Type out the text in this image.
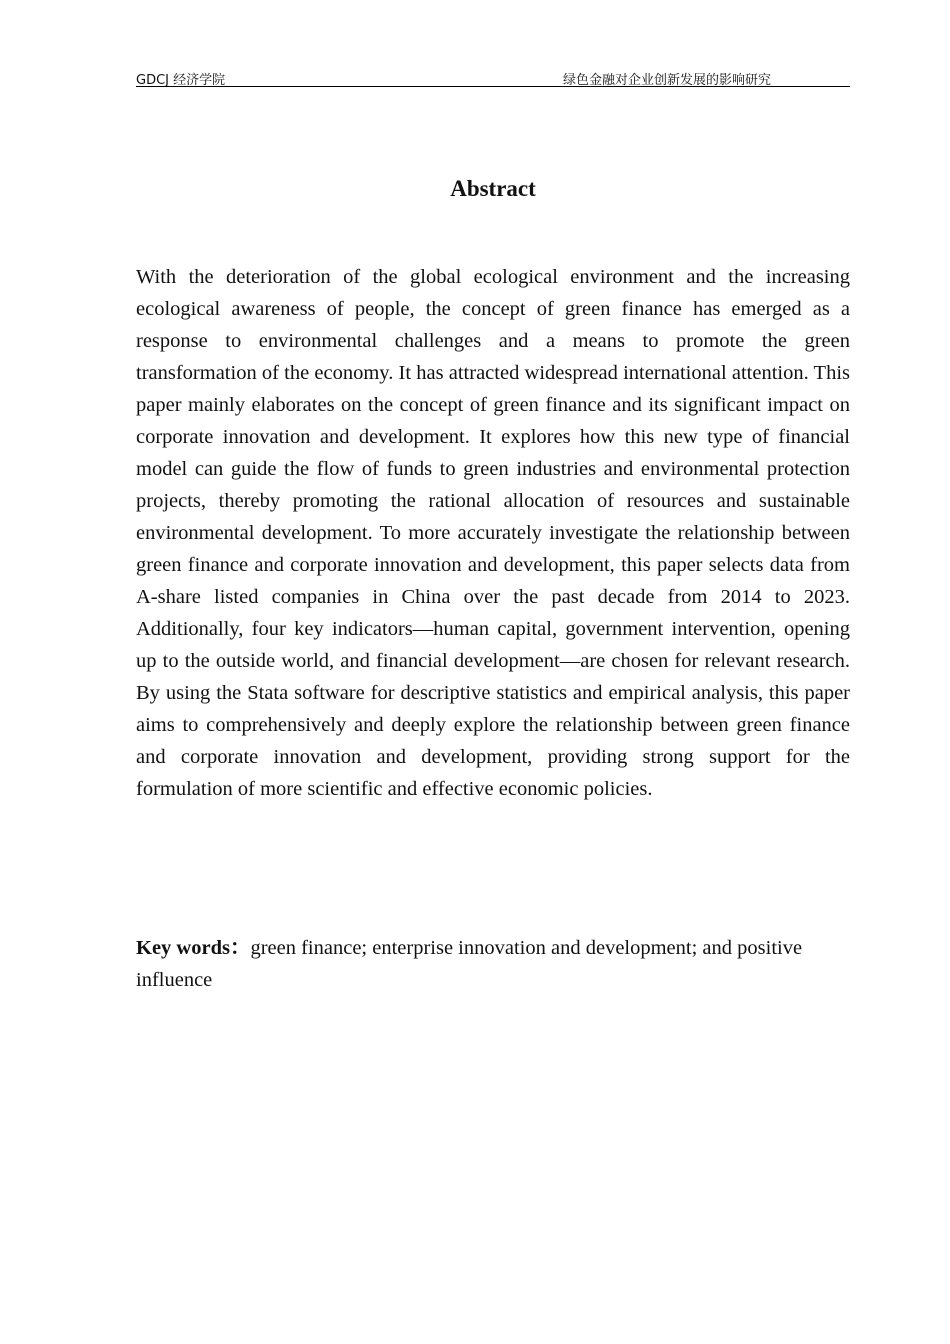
GDCJ 经济学院	绿色金融对企业创新发展的影响研究
Abstract

With the deterioration of the global ecological environment and the increasing ecological awareness of people, the concept of green finance has emerged as a response to environmental challenges and a means to promote the green transformation of the economy. It has attracted widespread international attention. This paper mainly elaborates on the concept of green finance and its significant impact on corporate innovation and development. It explores how this new type of financial model can guide the flow of funds to green industries and environmental protection projects, thereby promoting the rational allocation of resources and sustainable environmental development. To more accurately investigate the relationship between green finance and corporate innovation and development, this paper selects data from A-share listed companies in China over the past decade from 2014 to 2023. Additionally, four key indicators—human capital, government intervention, opening up to the outside world, and financial development—are chosen for relevant research. By using the Stata software for descriptive statistics and empirical analysis, this paper aims to comprehensively and deeply explore the relationship between green finance and corporate innovation and development, providing strong support for the formulation of more scientific and effective economic policies.

Key words：green finance; enterprise innovation and development; and positive influence
